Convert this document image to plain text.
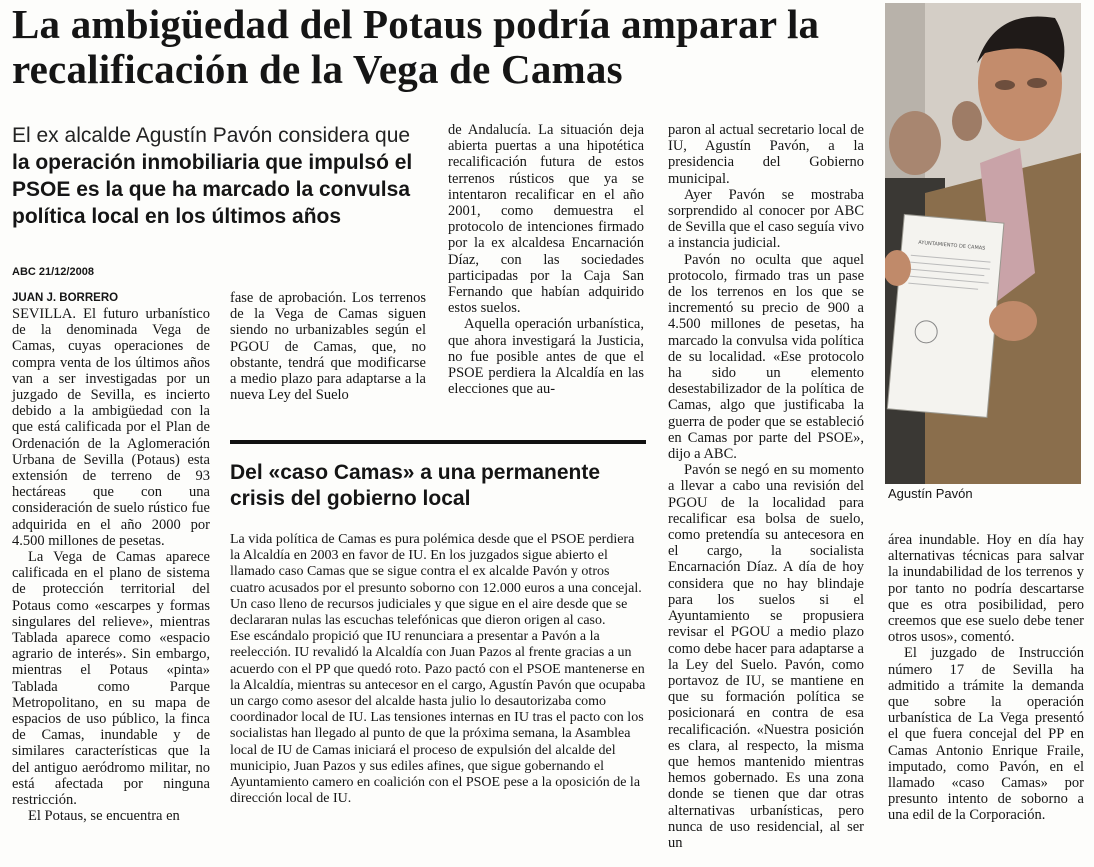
La ambigüedad del Potaus podría amparar la recalificación de la Vega de Camas
El ex alcalde Agustín Pavón considera que
la operación inmobiliaria que impulsó el PSOE es la que ha marcado la convulsa política local en los últimos años
ABC 21/12/2008
JUAN J. BORRERO

SEVILLA. El futuro urbanístico de la denominada Vega de Camas, cuyas operaciones de compra venta de los últimos años van a ser investigadas por un juzgado de Sevilla, es incierto debido a la ambigüedad con la que está calificada por el Plan de Ordenación de la Aglomeración Urbana de Sevilla (Potaus) esta extensión de terreno de 93 hectáreas que con una consideración de suelo rústico fue adquirida en el año 2000 por 4.500 millones de pesetas.

La Vega de Camas aparece calificada en el plano de sistema de protección territorial del Potaus como «escarpes y formas singulares del relieve», mientras Tablada aparece como «espacio agrario de interés». Sin embargo, mientras el Potaus «pinta» Tablada como Parque Metropolitano, en su mapa de espacios de uso público, la finca de Camas, inundable y de similares características que la del antiguo aeródromo militar, no está afectada por ninguna restricción.

El Potaus, se encuentra en

fase de aprobación. Los terrenos de la Vega de Camas siguen siendo no urbanizables según el PGOU de Camas, que, no obstante, tendrá que modificarse a medio plazo para adaptarse a la nueva Ley del Suelo

de Andalucía. La situación deja abierta puertas a una hipotética recalificación futura de estos terrenos rústicos que ya se intentaron recalificar en el año 2001, como demuestra el protocolo de intenciones firmado por la ex alcaldesa Encarnación Díaz, con las sociedades participadas por la Caja San Fernando que habían adquirido estos suelos.

Aquella operación urbanística, que ahora investigará la Justicia, no fue posible antes de que el PSOE perdiera la Alcaldía en las elecciones que au-

paron al actual secretario local de IU, Agustín Pavón, a la presidencia del Gobierno municipal.

Ayer Pavón se mostraba sorprendido al conocer por ABC de Sevilla que el caso seguía vivo a instancia judicial.

Pavón no oculta que aquel protocolo, firmado tras un pase de los terrenos en los que se incrementó su precio de 900 a 4.500 millones de pesetas, ha marcado la convulsa vida política de su localidad. «Ese protocolo ha sido un elemento desestabilizador de la política de Camas, algo que justificaba la guerra de poder que se estableció en Camas por parte del PSOE», dijo a ABC.

Pavón se negó en su momento a llevar a cabo una revisión del PGOU de la localidad para recalificar esa bolsa de suelo, como pretendía su antecesora en el cargo, la socialista Encarnación Díaz. A día de hoy considera que no hay blindaje para los suelos si el Ayuntamiento se propusiera revisar el PGOU a medio plazo como debe hacer para adaptarse a la Ley del Suelo. Pavón, como portavoz de IU, se mantiene en que su formación política se posicionará en contra de esa recalificación. «Nuestra posición es clara, al respecto, la misma que hemos mantenido mientras hemos gobernado. Es una zona donde se tienen que dar otras alternativas urbanísticas, pero nunca de uso residencial, al ser un

área inundable. Hoy en día hay alternativas técnicas para salvar la inundabilidad de los terrenos y por tanto no podría descartarse que es otra posibilidad, pero creemos que ese suelo debe tener otros usos», comentó.

El juzgado de Instrucción número 17 de Sevilla ha admitido a trámite la demanda que sobre la operación urbanística de La Vega presentó el que fuera concejal del PP en Camas Antonio Enrique Fraile, imputado, como Pavón, en el llamado «caso Camas» por presunto intento de soborno a una edil de la Corporación.

Del «caso Camas» a una permanente crisis del gobierno local

La vida política de Camas es pura polémica desde que el PSOE perdiera la Alcaldía en 2003 en favor de IU. En los juzgados sigue abierto el llamado caso Camas que se sigue contra el ex alcalde Pavón y otros cuatro acusados por el presunto soborno con 12.000 euros a una concejal. Un caso lleno de recursos judiciales y que sigue en el aire desde que se declararan nulas las escuchas telefónicas que dieron origen al caso.

Ese escándalo propició que IU renunciara a presentar a Pavón a la reelección. IU revalidó la Alcaldía con Juan Pazos al frente gracias a un acuerdo con el PP que quedó roto. Pazo pactó con el PSOE mantenerse en la Alcaldía, mientras su antecesor en el cargo, Agustín Pavón que ocupaba un cargo como asesor del alcalde hasta julio lo desautorizaba como coordinador local de IU. Las tensiones internas en IU tras el pacto con los socialistas han llegado al punto de que la próxima semana, la Asamblea local de IU de Camas iniciará el proceso de expulsión del alcalde del municipio, Juan Pazos y sus ediles afines, que sigue gobernando el Ayuntamiento camero en coalición con el PSOE pese a la oposición de la dirección local de IU.

AYUNTAMIENTO DE CAMAS
Agustín Pavón
